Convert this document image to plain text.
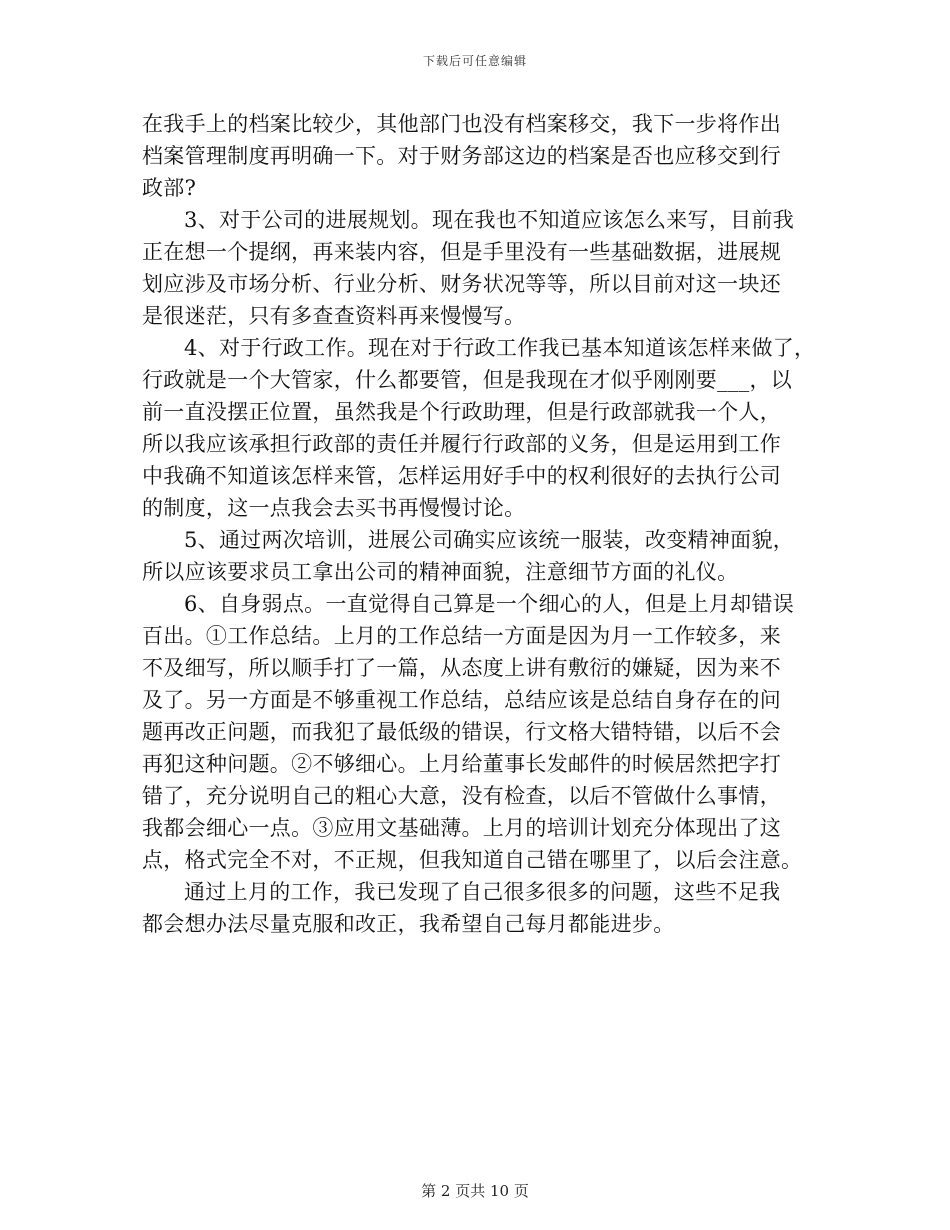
下载后可任意编辑
在我手上的档案比较少，其他部门也没有档案移交，我下一步将作出
档案管理制度再明确一下。对于财务部这边的档案是否也应移交到行
政部?
3、对于公司的进展规划。现在我也不知道应该怎么来写，目前我
正在想一个提纲，再来装内容，但是手里没有一些基础数据，进展规
划应涉及市场分析、行业分析、财务状况等等，所以目前对这一块还
是很迷茫，只有多查查资料再来慢慢写。
4、对于行政工作。现在对于行政工作我已基本知道该怎样来做了，
行政就是一个大管家，什么都要管，但是我现在才似乎刚刚要___，以
前一直没摆正位置，虽然我是个行政助理，但是行政部就我一个人，
所以我应该承担行政部的责任并履行行政部的义务，但是运用到工作
中我确不知道该怎样来管，怎样运用好手中的权利很好的去执行公司
的制度，这一点我会去买书再慢慢讨论。
5、通过两次培训，进展公司确实应该统一服装，改变精神面貌，
所以应该要求员工拿出公司的精神面貌，注意细节方面的礼仪。
6、自身弱点。一直觉得自己算是一个细心的人，但是上月却错误
百出。①工作总结。上月的工作总结一方面是因为月一工作较多，来
不及细写，所以顺手打了一篇，从态度上讲有敷衍的嫌疑，因为来不
及了。另一方面是不够重视工作总结，总结应该是总结自身存在的问
题再改正问题，而我犯了最低级的错误，行文格大错特错，以后不会
再犯这种问题。②不够细心。上月给董事长发邮件的时候居然把字打
错了，充分说明自己的粗心大意，没有检查，以后不管做什么事情，
我都会细心一点。③应用文基础薄。上月的培训计划充分体现出了这
点，格式完全不对，不正规，但我知道自己错在哪里了，以后会注意。
通过上月的工作，我已发现了自己很多很多的问题，这些不足我
都会想办法尽量克服和改正，我希望自己每月都能进步。
第 2 页共 10 页
